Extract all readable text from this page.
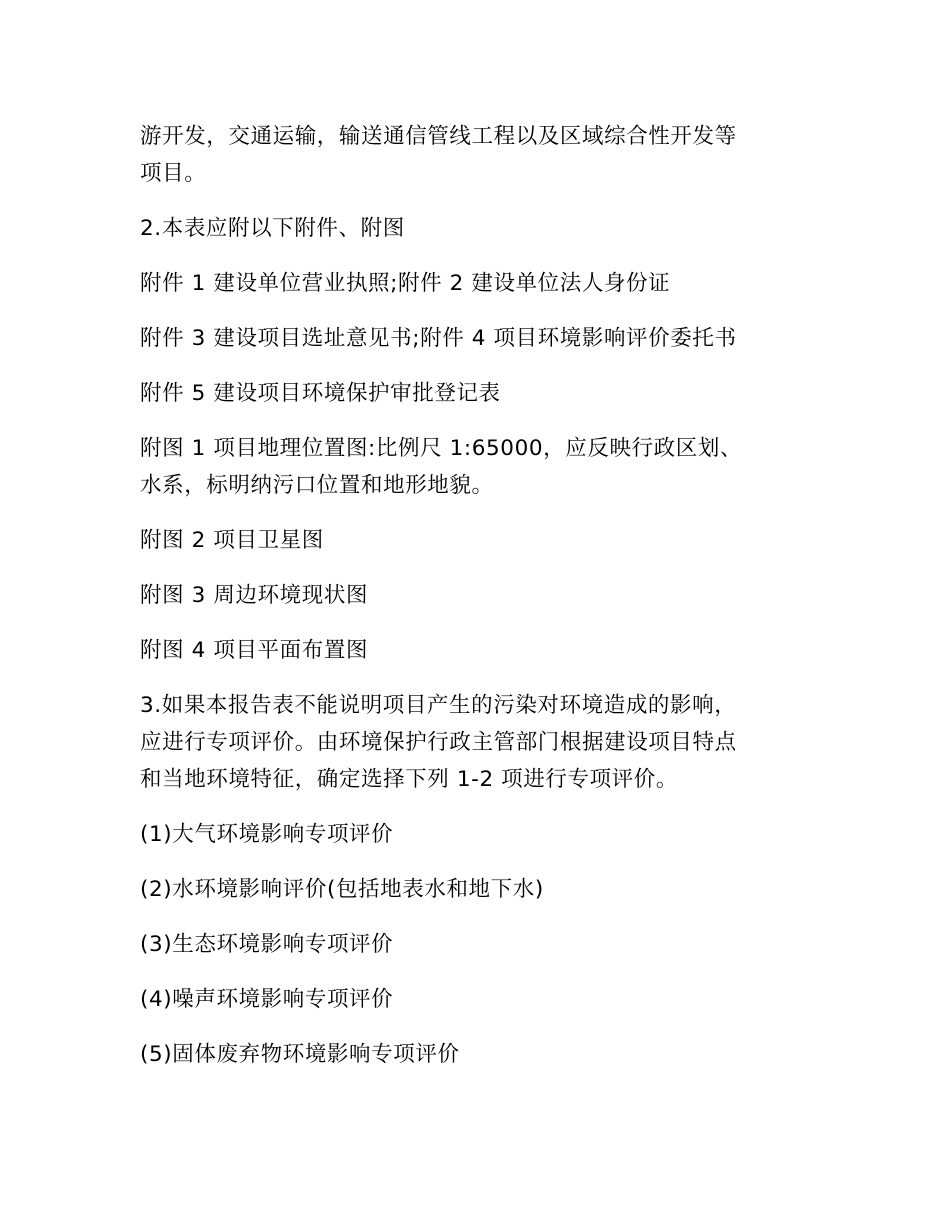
游开发，交通运输，输送通信管线工程以及区域综合性开发等
项目。

2.本表应附以下附件、附图

附件 1 建设单位营业执照;附件 2 建设单位法人身份证

附件 3 建设项目选址意见书;附件 4 项目环境影响评价委托书

附件 5 建设项目环境保护审批登记表

附图 1 项目地理位置图:比例尺 1:65000，应反映行政区划、
水系，标明纳污口位置和地形地貌。

附图 2 项目卫星图

附图 3 周边环境现状图

附图 4 项目平面布置图

3.如果本报告表不能说明项目产生的污染对环境造成的影响，
应进行专项评价。由环境保护行政主管部门根据建设项目特点
和当地环境特征，确定选择下列 1-2 项进行专项评价。

(1)大气环境影响专项评价

(2)水环境影响评价(包括地表水和地下水)

(3)生态环境影响专项评价

(4)噪声环境影响专项评价

(5)固体废弃物环境影响专项评价
